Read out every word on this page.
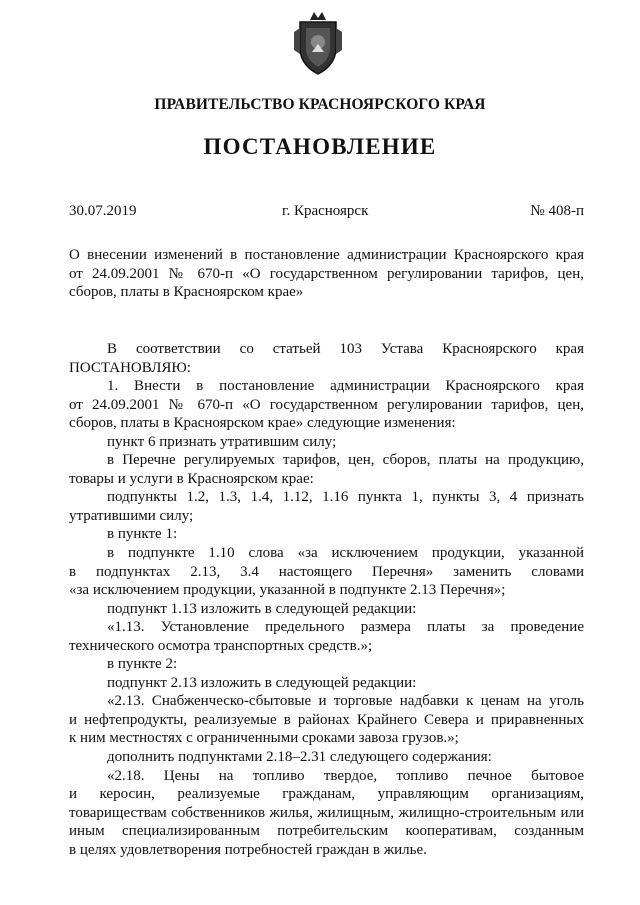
ПРАВИТЕЛЬСТВО КРАСНОЯРСКОГО КРАЯ
ПОСТАНОВЛЕНИЕ
30.07.2019	г. Красноярск	№ 408-п
О внесении изменений в постановление администрации Красноярского края
от 24.09.2001 № 670-п «О государственном регулировании тарифов, цен,
сборов, платы в Красноярском крае»
В соответствии со статьей 103 Устава Красноярского края
ПОСТАНОВЛЯЮ:
1. Внести в постановление администрации Красноярского края
от 24.09.2001 № 670-п «О государственном регулировании тарифов, цен,
сборов, платы в Красноярском крае» следующие изменения:
пункт 6 признать утратившим силу;
в Перечне регулируемых тарифов, цен, сборов, платы на продукцию,
товары и услуги в Красноярском крае:
подпункты 1.2, 1.3, 1.4, 1.12, 1.16 пункта 1, пункты 3, 4 признать
утратившими силу;
в пункте 1:
в подпункте 1.10 слова «за исключением продукции, указанной
в подпунктах 2.13, 3.4 настоящего Перечня» заменить словами
«за исключением продукции, указанной в подпункте 2.13 Перечня»;
подпункт 1.13 изложить в следующей редакции:
«1.13. Установление предельного размера платы за проведение
технического осмотра транспортных средств.»;
в пункте 2:
подпункт 2.13 изложить в следующей редакции:
«2.13. Снабженческо-сбытовые и торговые надбавки к ценам на уголь
и нефтепродукты, реализуемые в районах Крайнего Севера и приравненных
к ним местностях с ограниченными сроками завоза грузов.»;
дополнить подпунктами 2.18–2.31 следующего содержания:
«2.18. Цены на топливо твердое, топливо печное бытовое
и керосин, реализуемые гражданам, управляющим организациям,
товариществам собственников жилья, жилищным, жилищно-строительным или
иным специализированным потребительским кооперативам, созданным
в целях удовлетворения потребностей граждан в жилье.
